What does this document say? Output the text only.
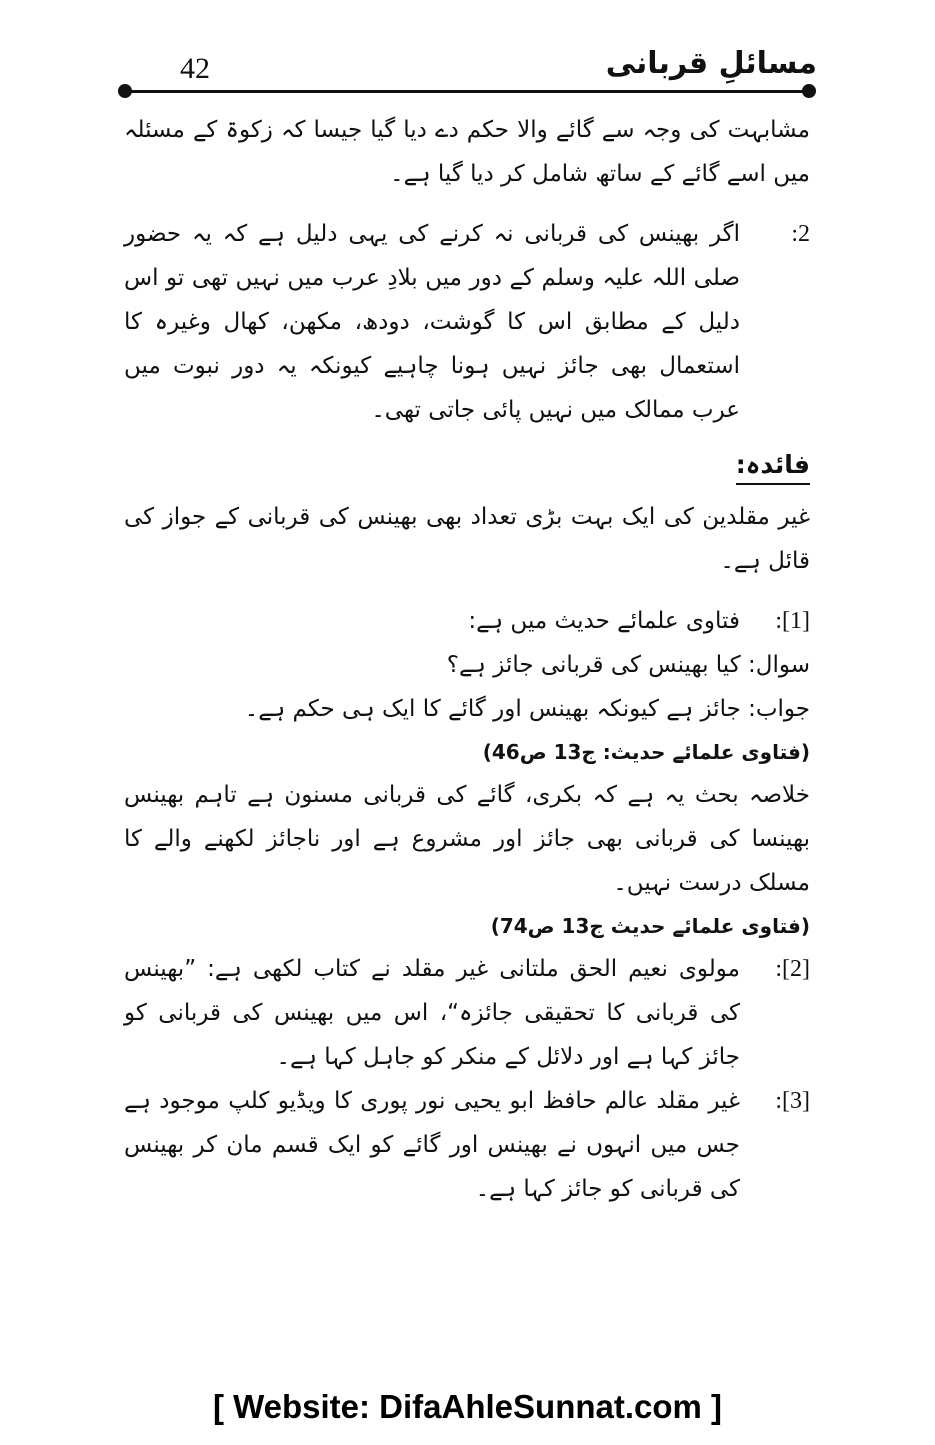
مسائلِ قربانی
42

مشابہت کی وجہ سے گائے والا حکم دے دیا گیا جیسا کہ زکوۃ کے مسئلہ میں اسے گائے کے ساتھ شامل کر دیا گیا ہے۔

2:

اگر بھینس کی قربانی نہ کرنے کی یہی دلیل ہے کہ یہ حضور صلی اللہ علیہ وسلم کے دور میں بلادِ عرب میں نہیں تھی تو اس دلیل کے مطابق اس کا گوشت، دودھ، مکھن، کھال وغیرہ کا استعمال بھی جائز نہیں ہونا چاہیے کیونکہ یہ دور نبوت میں عرب ممالک میں نہیں پائی جاتی تھی۔

فائدہ:

غیر مقلدین کی ایک بہت بڑی تعداد بھی بھینس کی قربانی کے جواز کی قائل ہے۔

[1]:

فتاوی علمائے حدیث میں ہے:

سوال: کیا بھینس کی قربانی جائز ہے؟

جواب: جائز ہے کیونکہ بھینس اور گائے کا ایک ہی حکم ہے۔

(فتاوی علمائے حدیث: ج13 ص46)

خلاصہ بحث یہ ہے کہ بکری، گائے کی قربانی مسنون ہے تاہم بھینس بھینسا کی قربانی بھی جائز اور مشروع ہے اور ناجائز لکھنے والے کا مسلک درست نہیں۔

(فتاوی علمائے حدیث ج13 ص74)

[2]:

مولوی نعیم الحق ملتانی غیر مقلد نے کتاب لکھی ہے: ”بھینس کی قربانی کا تحقیقی جائزہ“، اس میں بھینس کی قربانی کو جائز کہا ہے اور دلائل کے منکر کو جاہل کہا ہے۔

[3]:

غیر مقلد عالم حافظ ابو یحیی نور پوری کا ویڈیو کلپ موجود ہے جس میں انہوں نے بھینس اور گائے کو ایک قسم مان کر بھینس کی قربانی کو جائز کہا ہے۔

[ Website: DifaAhleSunnat.com ]
